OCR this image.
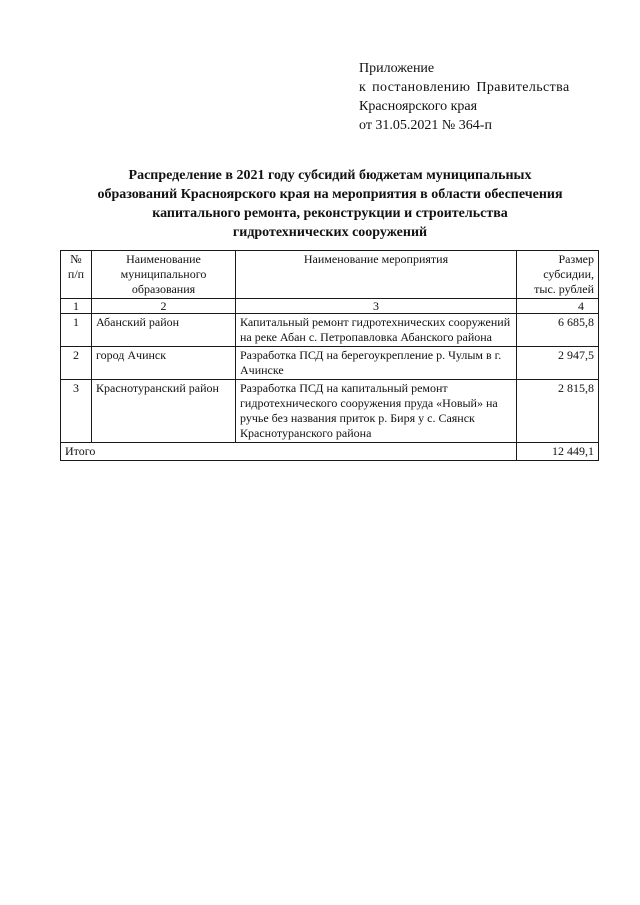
Приложение
к постановлению Правительства
Красноярского края
от 31.05.2021 № 364-п
Распределение в 2021 году субсидий бюджетам муниципальных
образований Красноярского края на мероприятия в области обеспечения
капитального ремонта, реконструкции и строительства
гидротехнических сооружений
№ п/п	Наименование муниципального образования	Наименование мероприятия	Размер субсидии, тыс. рублей
1	2	3	4
1	Абанский район	Капитальный ремонт гидротехнических сооружений на реке Абан с. Петропавловка Абанского района	6 685,8
2	город Ачинск	Разработка ПСД на берегоукрепление р. Чулым в г. Ачинске	2 947,5
3	Краснотуранский район	Разработка ПСД на капитальный ремонт гидротехнического сооружения пруда «Новый» на ручье без названия приток р. Биря у с. Саянск Краснотуранского района	2 815,8
Итого			12 449,1
